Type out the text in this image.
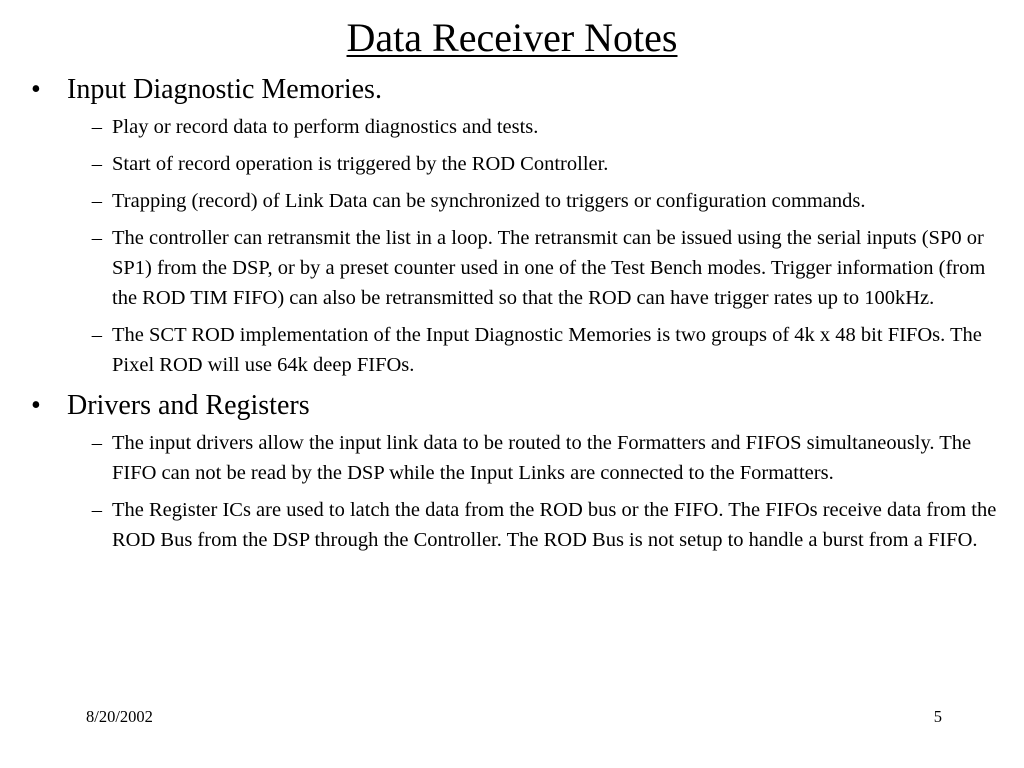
Data Receiver Notes
• Input Diagnostic Memories.
– Play or record data to perform diagnostics and tests.
– Start of record operation is triggered by the ROD Controller.
– Trapping (record) of Link Data can be synchronized to triggers or configuration commands.
– The controller can retransmit the list in a loop. The retransmit can be issued using the serial inputs (SP0 or SP1) from the DSP, or by a preset counter used in one of the Test Bench modes. Trigger information (from the ROD TIM FIFO) can also be retransmitted so that the ROD can have trigger rates up to 100kHz.
– The SCT ROD implementation of the Input Diagnostic Memories is two groups of 4k x 48 bit FIFOs. The Pixel ROD will use 64k deep FIFOs.
• Drivers and Registers
– The input drivers allow the input link data to be routed to the Formatters and FIFOS simultaneously. The FIFO can not be read by the DSP while the Input Links are connected to the Formatters.
– The Register ICs are used to latch the data from the ROD bus or the FIFO. The FIFOs receive data from the ROD Bus from the DSP through the Controller. The ROD Bus is not setup to handle a burst from a FIFO.
8/20/2002	5
